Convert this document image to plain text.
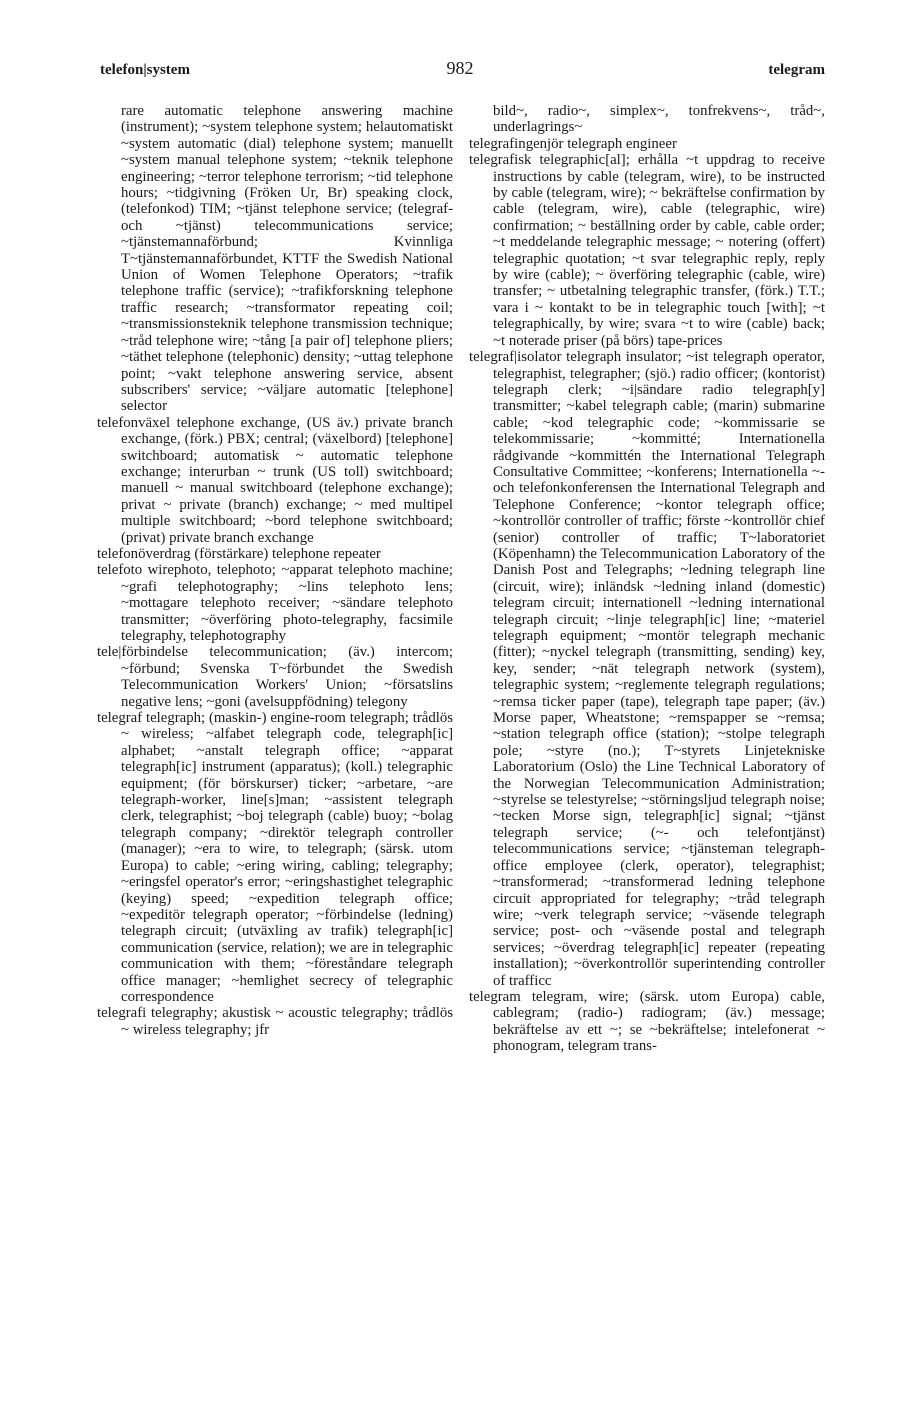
telefon|system	982	telegram

rare automatic telephone answering machine (instrument); ~system telephone system; helautomatiskt ~system automatic (dial) telephone system; manuellt ~system manual telephone system; ~teknik telephone engineering; ~terror telephone terrorism; ~tid telephone hours; ~tidgivning (Fröken Ur, Br) speaking clock, (telefonkod) TIM; ~tjänst telephone service; (telegraf- och ~tjänst) telecommunications service; ~tjänstemannaförbund; Kvinnliga T~tjänstemannaförbundet, KTTF the Swedish National Union of Women Telephone Operators; ~trafik telephone traffic (service); ~trafikforskning telephone traffic research; ~transformator repeating coil; ~transmissionsteknik telephone transmission technique; ~tråd telephone wire; ~tång [a pair of] telephone pliers; ~täthet telephone (telephonic) density; ~uttag telephone point; ~vakt telephone answering service, absent subscribers' service; ~väljare automatic [telephone] selector

telefonväxel telephone exchange, (US äv.) private branch exchange, (förk.) PBX; central; (växelbord) [telephone] switchboard; automatisk ~ automatic telephone exchange; interurban ~ trunk (US toll) switchboard; manuell ~ manual switchboard (telephone exchange); privat ~ private (branch) exchange; ~ med multipel multiple switchboard; ~bord telephone switchboard; (privat) private branch exchange

telefonöverdrag (förstärkare) telephone repeater

telefoto wirephoto, telephoto; ~apparat telephoto machine; ~grafi telephotography; ~lins telephoto lens; ~mottagare telephoto receiver; ~sändare telephoto transmitter; ~överföring photo-telegraphy, facsimile telegraphy, telephotography

tele|förbindelse telecommunication; (äv.) intercom; ~förbund; Svenska T~förbundet the Swedish Telecommunication Workers' Union; ~försatslins negative lens; ~goni (avelsuppfödning) telegony

telegraf telegraph; (maskin-) engine-room telegraph; trådlös ~ wireless; ~alfabet telegraph code, telegraph[ic] alphabet; ~anstalt telegraph office; ~apparat telegraph[ic] instrument (apparatus); (koll.) telegraphic equipment; (för börskurser) ticker; ~arbetare, ~are telegraph-worker, line[s]man; ~assistent telegraph clerk, telegraphist; ~boj telegraph (cable) buoy; ~bolag telegraph company; ~direktör telegraph controller (manager); ~era to wire, to telegraph; (särsk. utom Europa) to cable; ~ering wiring, cabling; telegraphy; ~eringsfel operator's error; ~eringshastighet telegraphic (keying) speed; ~expedition telegraph office; ~expeditör telegraph operator; ~förbindelse (ledning) telegraph circuit; (utväxling av trafik) telegraph[ic] communication (service, relation); we are in telegraphic communication with them; ~föreståndare telegraph office manager; ~hemlighet secrecy of telegraphic correspondence

telegrafi telegraphy; akustisk ~ acoustic telegraphy; trådlös ~ wireless telegraphy; jfr

bild~, radio~, simplex~, tonfrekvens~, tråd~, underlagrings~

telegrafingenjör telegraph engineer

telegrafisk telegraphic[al]; erhålla ~t uppdrag to receive instructions by cable (telegram, wire), to be instructed by cable (telegram, wire); ~ bekräftelse confirmation by cable (telegram, wire), cable (telegraphic, wire) confirmation; ~ beställning order by cable, cable order; ~t meddelande telegraphic message; ~ notering (offert) telegraphic quotation; ~t svar telegraphic reply, reply by wire (cable); ~ överföring telegraphic (cable, wire) transfer; ~ utbetalning telegraphic transfer, (förk.) T.T.; vara i ~ kontakt to be in telegraphic touch [with]; ~t telegraphically, by wire; svara ~t to wire (cable) back; ~t noterade priser (på börs) tape-prices

telegraf|isolator telegraph insulator; ~ist telegraph operator, telegraphist, telegrapher; (sjö.) radio officer; (kontorist) telegraph clerk; ~i|sändare radio telegraph[y] transmitter; ~kabel telegraph cable; (marin) submarine cable; ~kod telegraphic code; ~kommissarie se telekommissarie; ~kommitté; Internationella rådgivande ~kommittén the International Telegraph Consultative Committee; ~konferens; Internationella ~- och telefonkonferensen the International Telegraph and Telephone Conference; ~kontor telegraph office; ~kontrollör controller of traffic; förste ~kontrollör chief (senior) controller of traffic; T~laboratoriet (Köpenhamn) the Telecommunication Laboratory of the Danish Post and Telegraphs; ~ledning telegraph line (circuit, wire); inländsk ~ledning inland (domestic) telegram circuit; internationell ~ledning international telegraph circuit; ~linje telegraph[ic] line; ~materiel telegraph equipment; ~montör telegraph mechanic (fitter); ~nyckel telegraph (transmitting, sending) key, key, sender; ~nät telegraph network (system), telegraphic system; ~reglemente telegraph regulations; ~remsa ticker paper (tape), telegraph tape paper; (äv.) Morse paper, Wheatstone; ~remspapper se ~remsa; ~station telegraph office (station); ~stolpe telegraph pole; ~styre (no.); T~styrets Linjetekniske Laboratorium (Oslo) the Line Technical Laboratory of the Norwegian Telecommunication Administration; ~styrelse se telestyrelse; ~störningsljud telegraph noise; ~tecken Morse sign, telegraph[ic] signal; ~tjänst telegraph service; (~- och telefontjänst) telecommunications service; ~tjänsteman telegraph-office employee (clerk, operator), telegraphist; ~transformerad; ~transformerad ledning telephone circuit appropriated for telegraphy; ~tråd telegraph wire; ~verk telegraph service; ~väsende telegraph service; post- och ~väsende postal and telegraph services; ~överdrag telegraph[ic] repeater (repeating installation); ~överkontrollör superintending controller of trafficc

telegram telegram, wire; (särsk. utom Europa) cable, cablegram; (radio-) radiogram; (äv.) message; bekräftelse av ett ~; se ~bekräftelse; intelefonerat ~ phonogram, telegram trans-
